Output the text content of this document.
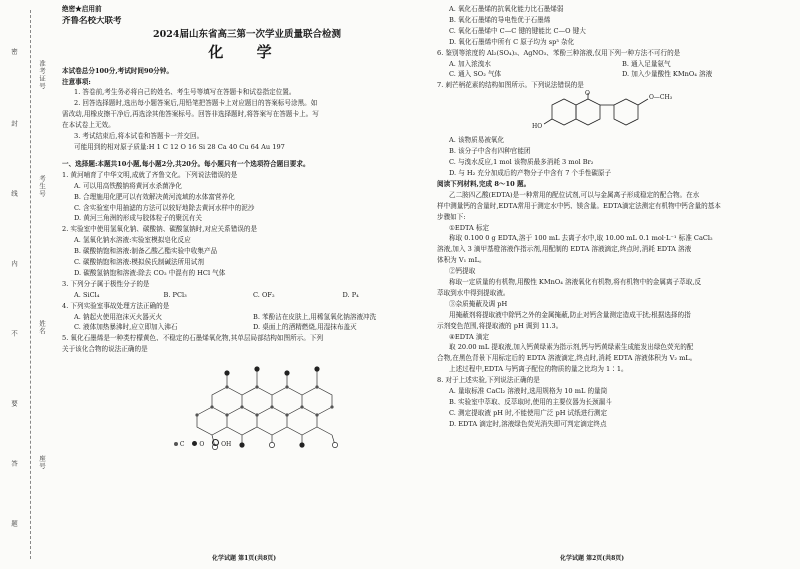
密
封
线
内
不
要
答
题
准考证号
考生号
姓名
座号
绝密★启用前
齐鲁名校大联考
2024届山东省高三第一次学业质量联合检测
化 学
本试卷总分100分,考试时间90分钟。
注意事项:
1. 答卷前,考生务必将自己的姓名、考生号等填写在答题卡和试卷指定位置。
2. 回答选择题时,选出每小题答案后,用铅笔把答题卡上对应题目的答案标号涂黑。如
需改动,用橡皮擦干净后,再选涂其他答案标号。回答非选择题时,将答案写在答题卡上。写
在本试卷上无效。
3. 考试结束后,将本试卷和答题卡一并交回。
可能用到的相对原子质量:H 1 C 12 O 16 Si 28 Ca 40 Cu 64 Au 197
一、选择题:本题共10小题,每小题2分,共20分。每小题只有一个选项符合题目要求。
1. 黄河哺育了中华文明,成就了齐鲁文化。下列说法错误的是
A. 可以用高铁酸钠将黄河水杀菌净化
B. 合理施用化肥可以有效解决黄河流域的水体富营养化
C. 含实验室中用抽滤的方法可以较好地除去黄河水样中的泥沙
D. 黄河三角洲的形成与胶体粒子的聚沉有关
2. 实验室中使用氢氧化钠、碳酸钠、碳酸氢钠时,对应关系错误的是
A. 氢氧化钠水溶液:实验室模拟皂化反应
B. 碳酸钠饱和溶液:制备乙酸乙酯实验中收集产品
C. 碳酸钠饱和溶液:模拟侯氏制碱法所用试剂
D. 碳酸氢钠饱和溶液:除去 CO₂ 中混有的 HCl 气体
3. 下列分子属于极性分子的是
A. SiCl₄	B. PCl₃	C. OF₂	D. P₄
4. 下列实验室事故处理方法正确的是
A. 钠起火使用泡沫灭火器灭火	B. 苯酚沾在皮肤上,用稀氢氧化钠溶液冲洗
C. 液体加热暴沸时,应立即加入沸石	D. 桌面上的酒精燃烧,用湿抹布盖灭
5. 氧化石墨烯是一种类柠檬黄色、不稳定的石墨烯氧化物,其单层局部结构如图所示。下列
关于该化合物的说法正确的是
C O	OH
化学试题 第1页(共8页)
A. 氧化石墨烯的抗氧化能力比石墨烯弱
B. 氧化石墨烯的导电性优于石墨烯
C. 氧化石墨烯中 C—C 键的键能比 C—O 键大
D. 氧化石墨烯中所有 C 原子均为 sp³ 杂化
6. 鉴别等浓度的 Al₂(SO₄)₃、AgNO₃、苯酚三种溶液,仅用下列一种方法不可行的是
A. 加入浓溴水	B. 通入足量氨气
C. 通入 SO₂ 气体	D. 加入少量酸性 KMnO₄ 溶液
7. 刺芒柄花素的结构如图所示。下列说法错误的是
HO
O
O—CH₃
A. 该物质易被氧化
B. 该分子中含有四种官能团
C. 与溴水反应,1 mol 该物质最多消耗 3 mol Br₂
D. 与 H₂ 充分加成后的产物分子中含有 7 个手性碳原子
阅读下列材料,完成 8～10 题。
乙二胺四乙酸(EDTA)是一种常用的配位试剂,可以与金属离子形成稳定的配合物。在水
样中测量钙的含量时,EDTA常用于测定水中钙、镁含量。EDTA滴定法测定有机物中钙含量的基本
步骤如下:
①EDTA 标定
称取 0.100 0 g EDTA,溶于 100 mL 去离子水中,取 10.00 mL 0.1 mol·L⁻¹ 标准 CaCl₂
溶液,加入 3 滴甲基橙溶液作指示剂,用配制的 EDTA 溶液滴定,终点时,消耗 EDTA 溶液
体积为 V₁ mL。
②钙提取
称取一定质量的有机物,用酸性 KMnO₄ 溶液氧化有机物,将有机物中的金属离子萃取,反
萃取到水中得到提取液。
③杂质掩蔽及调 pH
用掩蔽剂将提取液中除钙之外的金属掩蔽,防止对钙含量测定造成干扰;根据选择的指
示剂变色范围,将提取液的 pH 调到 11.3。
④EDTA 滴定
取 20.00 mL 提取液,加入钙黄绿素为指示剂,钙与钙黄绿素生成能发出绿色荧光的配
合物,在黑色背景下用标定后的 EDTA 溶液滴定,终点时,消耗 EDTA 溶液体积为 V₂ mL。
上述过程中,EDTA 与钙离子配位的物质的量之比均为 1∶1。
8. 对于上述实验,下列说法正确的是
A. 量取标准 CaCl₂ 溶液时,选用规格为 10 mL 的量筒
B. 实验室中萃取、反萃取时,使用的主要仪器为长颈漏斗
C. 测定提取液 pH 时,不能使用广泛 pH 试纸进行测定
D. EDTA 滴定时,溶液绿色荧光消失即可判定滴定终点
化学试题 第2页(共8页)
